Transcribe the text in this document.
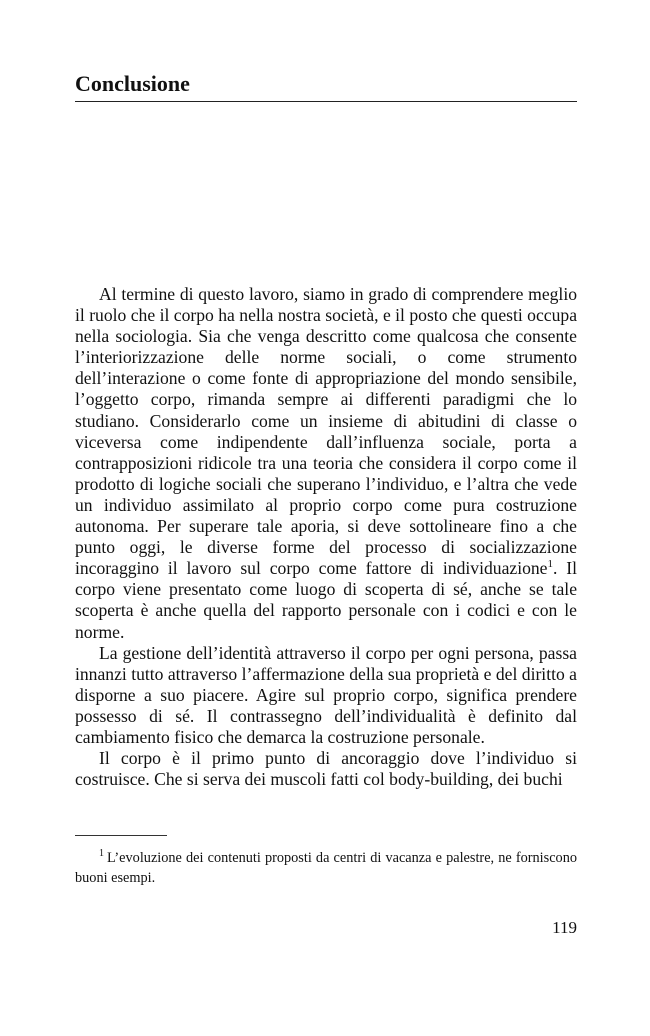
Conclusione

Al termine di questo lavoro, siamo in grado di comprendere meglio il ruolo che il corpo ha nella nostra società, e il posto che questi occupa nella sociologia. Sia che venga descritto come qualcosa che consente l’interiorizzazione delle norme sociali, o come strumento dell’interazione o come fonte di appropriazione del mondo sensibile, l’oggetto corpo, rimanda sempre ai differenti paradigmi che lo studiano. Considerarlo come un insieme di abitudini di classe o viceversa come indipendente dall’influenza sociale, porta a contrapposizioni ridicole tra una teoria che considera il corpo come il prodotto di logiche sociali che superano l’individuo, e l’altra che vede un individuo assimilato al proprio corpo come pura costruzione autonoma. Per superare tale aporia, si deve sottolineare fino a che punto oggi, le diverse forme del processo di socializzazione incoraggino il lavoro sul corpo come fattore di individuazione$^1$. Il corpo viene presentato come luogo di scoperta di sé, anche se tale scoperta è anche quella del rapporto personale con i codici e con le norme.

La gestione dell’identità attraverso il corpo per ogni persona, passa innanzi tutto attraverso l’affermazione della sua proprietà e del diritto a disporne a suo piacere. Agire sul proprio corpo, significa prendere possesso di sé. Il contrassegno dell’individualità è definito dal cambiamento fisico che demarca la costruzione personale.

Il corpo è il primo punto di ancoraggio dove l’individuo si costruisce. Che si serva dei muscoli fatti col body-building, dei buchi

$^1$ L’evoluzione dei contenuti proposti da centri di vacanza e palestre, ne forniscono buoni esempi.

119
